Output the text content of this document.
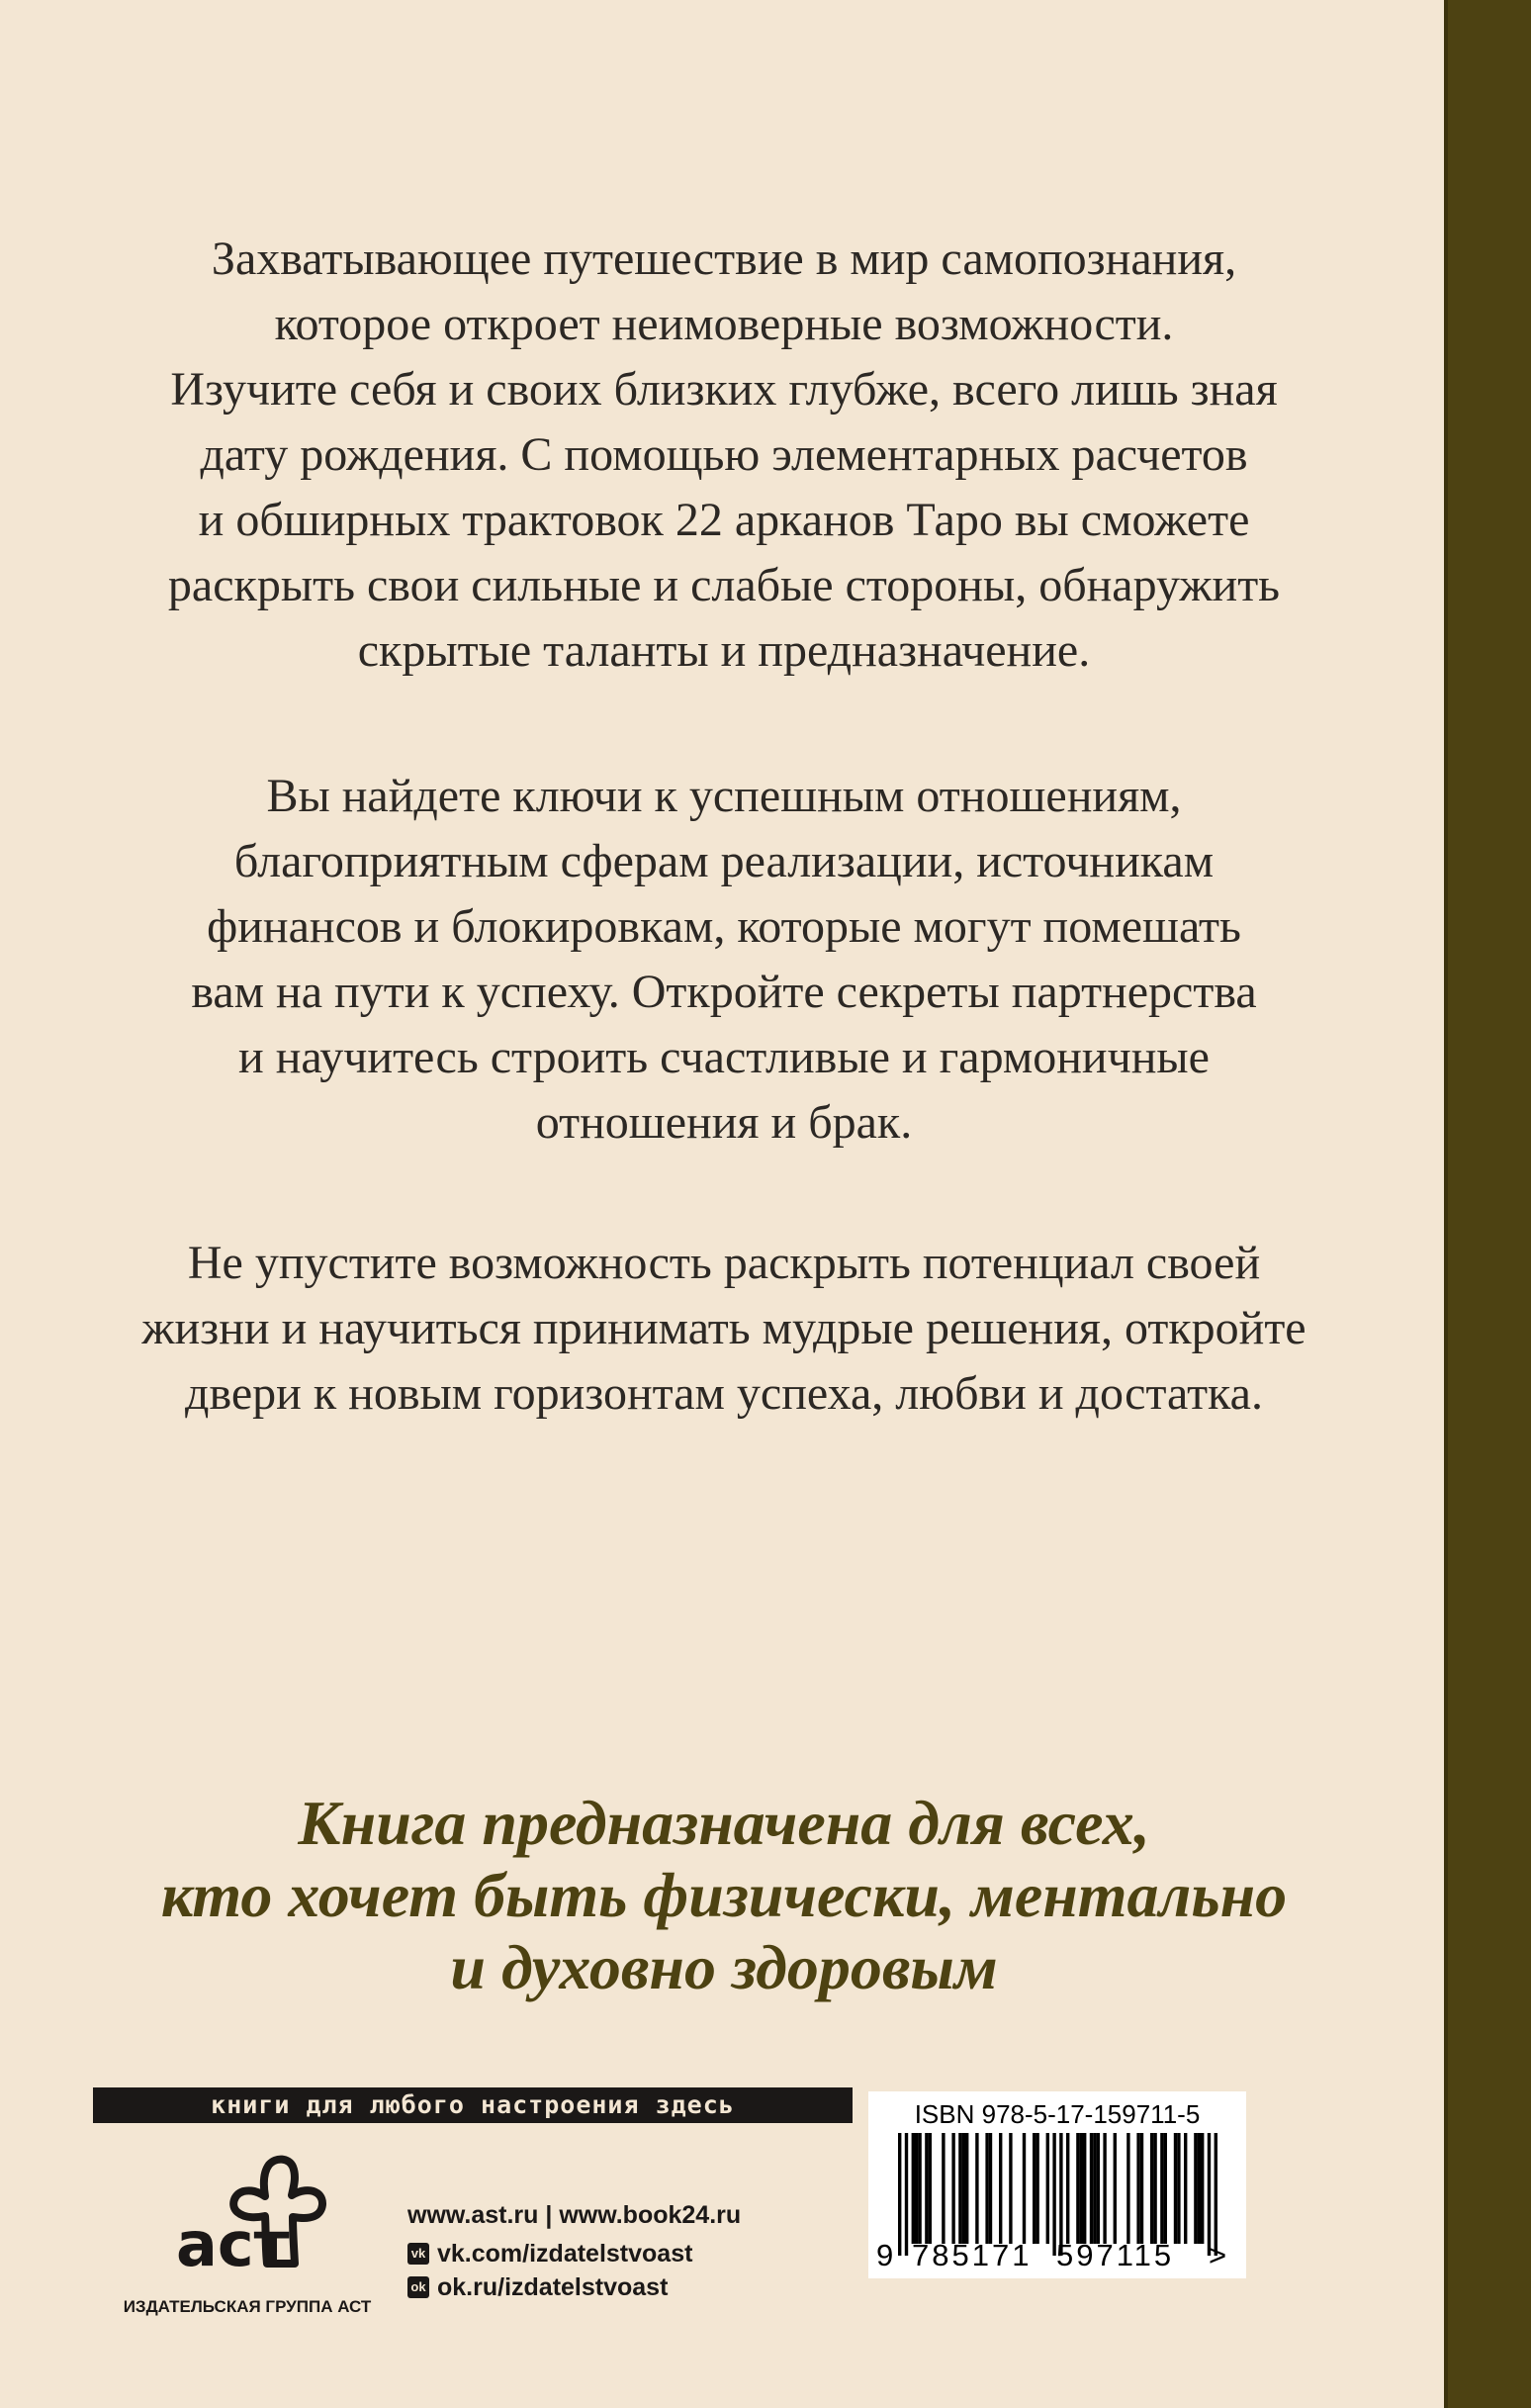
Захватывающее путешествие в мир самопознания,
которое откроет неимоверные возможности.
Изучите себя и своих близких глубже, всего лишь зная
дату рождения. С помощью элементарных расчетов
и обширных трактовок 22 арканов Таро вы сможете
раскрыть свои сильные и слабые стороны, обнаружить
скрытые таланты и предназначение.
Вы найдете ключи к успешным отношениям,
благоприятным сферам реализации, источникам
финансов и блокировкам, которые могут помешать
вам на пути к успеху. Откройте секреты партнерства
и научитесь строить счастливые и гармоничные
отношения и брак.
Не упустите возможность раскрыть потенциал своей
жизни и научиться принимать мудрые решения, откройте
двери к новым горизонтам успеха, любви и достатка.
Книга предназначена для всех,
кто хочет быть физически, ментально
и духовно здоровым
книги для любого настроения здесь
аст
ИЗДАТЕЛЬСКАЯ ГРУППА АСТ
www.ast.ru | www.book24.ru
vk vk.com/ izdatelstvoast
ok ok.ru/ izdatelstvoast
ISBN 978-5-17-159711-5
9 785171 597115 >
